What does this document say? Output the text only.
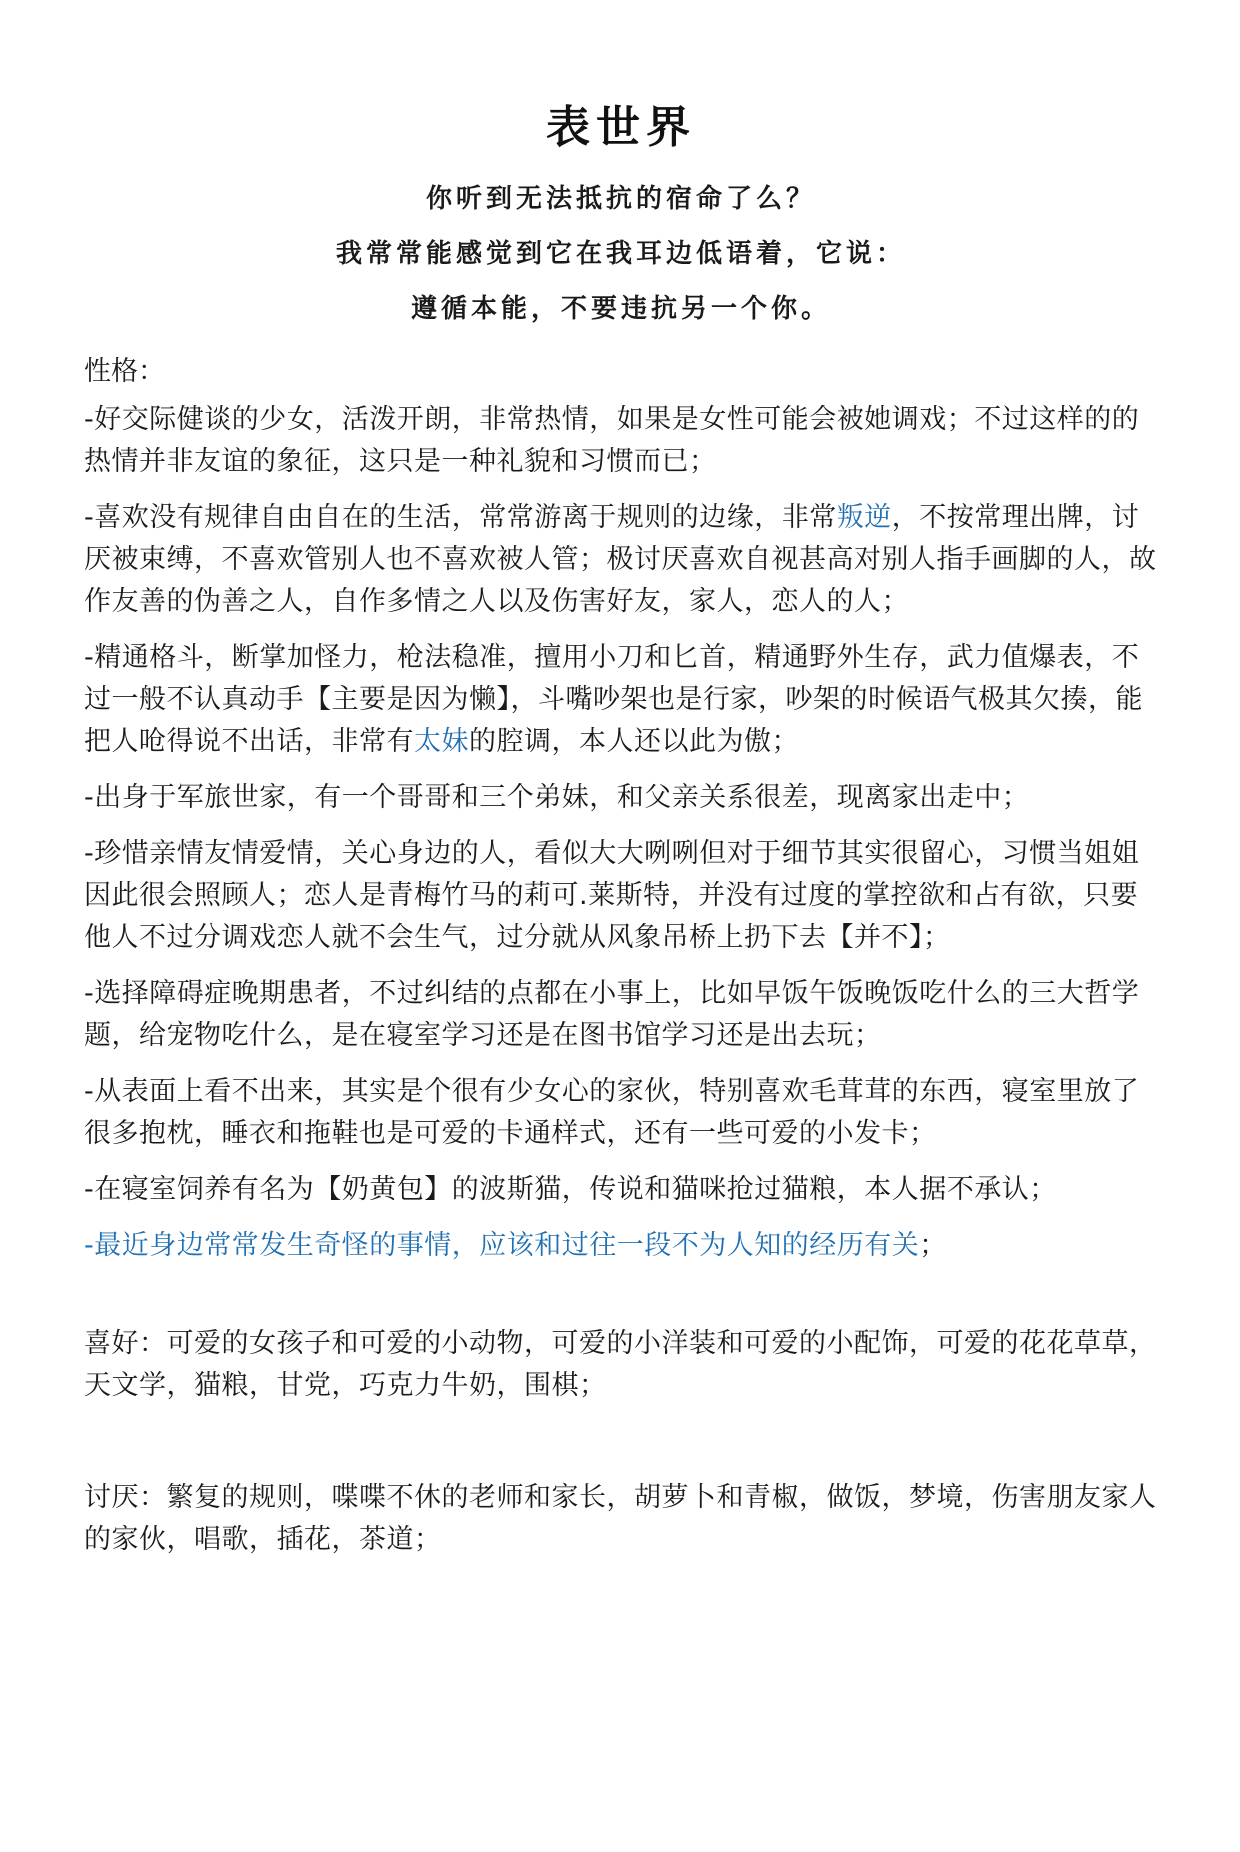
表世界
你听到无法抵抗的宿命了么？
我常常能感觉到它在我耳边低语着，它说：
遵循本能，不要违抗另一个你。
性格：

-好交际健谈的少女，活泼开朗，非常热情，如果是女性可能会被她调戏；不过这样的的热情并非友谊的象征，这只是一种礼貌和习惯而已；

-喜欢没有规律自由自在的生活，常常游离于规则的边缘，非常叛逆，不按常理出牌，讨厌被束缚，不喜欢管别人也不喜欢被人管；极讨厌喜欢自视甚高对别人指手画脚的人，故作友善的伪善之人，自作多情之人以及伤害好友，家人，恋人的人；

-精通格斗，断掌加怪力，枪法稳准，擅用小刀和匕首，精通野外生存，武力值爆表，不过一般不认真动手【主要是因为懒】，斗嘴吵架也是行家，吵架的时候语气极其欠揍，能把人呛得说不出话，非常有太妹的腔调，本人还以此为傲；

-出身于军旅世家，有一个哥哥和三个弟妹，和父亲关系很差，现离家出走中；

-珍惜亲情友情爱情，关心身边的人，看似大大咧咧但对于细节其实很留心，习惯当姐姐因此很会照顾人；恋人是青梅竹马的莉可.莱斯特，并没有过度的掌控欲和占有欲，只要他人不过分调戏恋人就不会生气，过分就从风象吊桥上扔下去【并不】；

-选择障碍症晚期患者，不过纠结的点都在小事上，比如早饭午饭晚饭吃什么的三大哲学题，给宠物吃什么，是在寝室学习还是在图书馆学习还是出去玩；

-从表面上看不出来，其实是个很有少女心的家伙，特别喜欢毛茸茸的东西，寝室里放了很多抱枕，睡衣和拖鞋也是可爱的卡通样式，还有一些可爱的小发卡；

-在寝室饲养有名为【奶黄包】的波斯猫，传说和猫咪抢过猫粮，本人据不承认；

-最近身边常常发生奇怪的事情，应该和过往一段不为人知的经历有关；

喜好：可爱的女孩子和可爱的小动物，可爱的小洋装和可爱的小配饰，可爱的花花草草，天文学，猫粮，甘党，巧克力牛奶，围棋；
讨厌：繁复的规则，喋喋不休的老师和家长，胡萝卜和青椒，做饭，梦境，伤害朋友家人的家伙，唱歌，插花，茶道；
